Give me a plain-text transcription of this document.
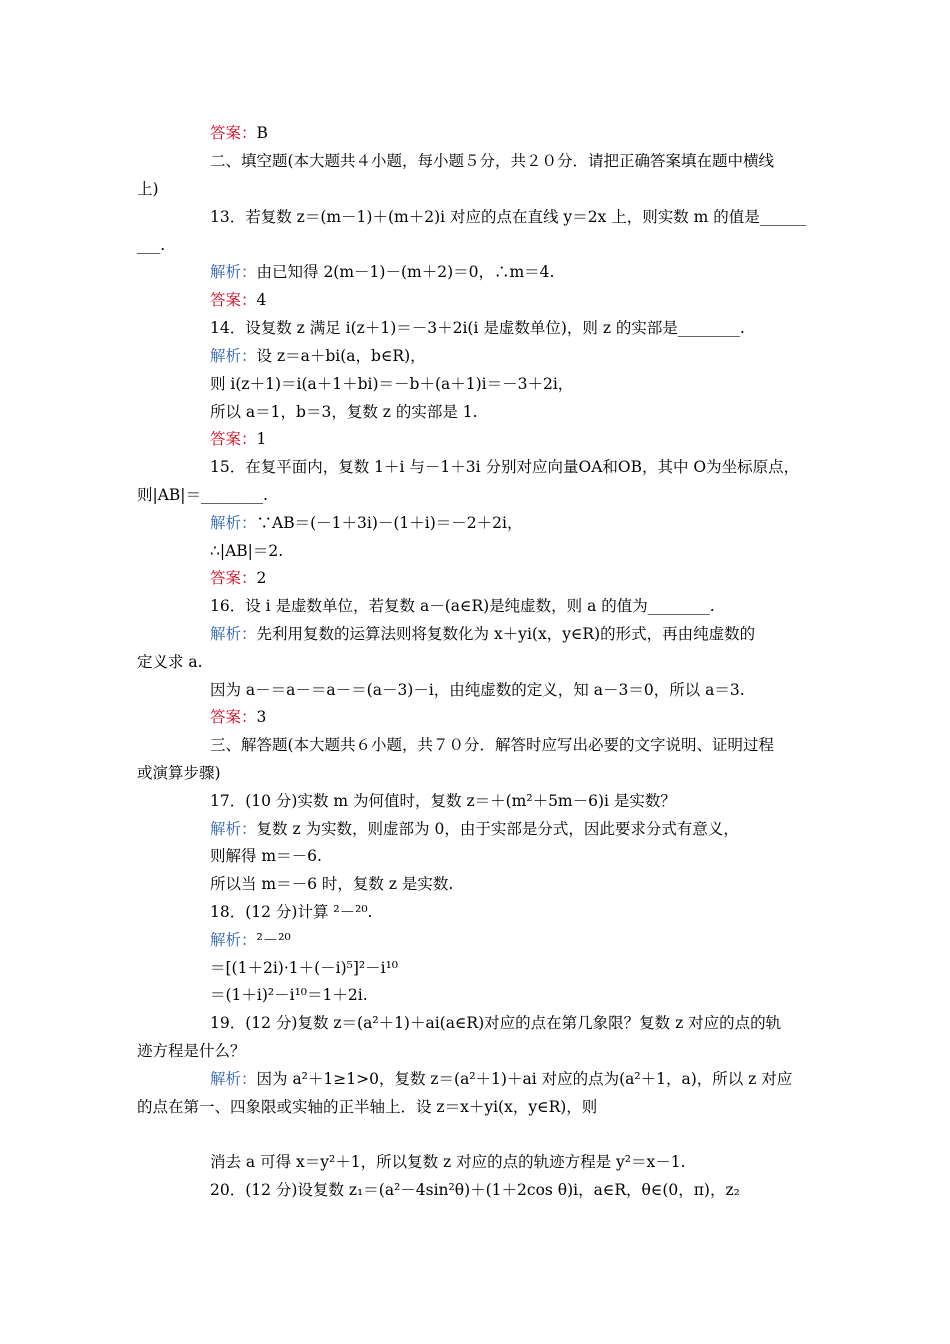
答案：B
二、填空题(本大题共４小题，每小题５分，共２０分．请把正确答案填在题中横线
上)
13．若复数 z＝(m－1)＋(m＋2)i 对应的点在直线 y＝2x 上，则实数 m 的值是______
___.
解析：由已知得 2(m－1)－(m＋2)＝0，∴m＝4.
答案：4
14．设复数 z 满足 i(z＋1)＝－3＋2i(i 是虚数单位)，则 z 的实部是________.
解析：设 z＝a＋bi(a，b∈R)，
则 i(z＋1)＝i(a＋1＋bi)＝－b＋(a＋1)i＝－3＋2i，
所以 a＝1，b＝3，复数 z 的实部是 1.
答案：1
15．在复平面内，复数 1＋i 与－1＋3i 分别对应向量OA和OB，其中 O为坐标原点，
则|AB|＝________.
解析：∵AB＝(－1＋3i)－(1＋i)＝－2＋2i，
∴|AB|＝2.
答案：2
16．设 i 是虚数单位，若复数 a－(a∈R)是纯虚数，则 a 的值为________.
解析：先利用复数的运算法则将复数化为 x＋yi(x，y∈R)的形式，再由纯虚数的
定义求 a.
因为 a－＝a－＝a－＝(a－3)－i，由纯虚数的定义，知 a－3＝0，所以 a＝3.
答案：3
三、解答题(本大题共６小题，共７０分．解答时应写出必要的文字说明、证明过程
或演算步骤)
17．(10 分)实数 m 为何值时，复数 z＝＋(m²＋5m－6)i 是实数？
解析：复数 z 为实数，则虚部为 0，由于实部是分式，因此要求分式有意义，
则解得 m＝－6.
所以当 m＝－6 时，复数 z 是实数.
18．(12 分)计算 ²－²⁰.
解析：²－²⁰
＝[(1＋2i)·1＋(－i)⁵]²－i¹⁰
＝(1＋i)²－i¹⁰＝1＋2i.
19．(12 分)复数 z＝(a²＋1)＋ai(a∈R)对应的点在第几象限？复数 z 对应的点的轨
迹方程是什么？
解析：因为 a²＋1≥1>0，复数 z＝(a²＋1)＋ai 对应的点为(a²＋1，a)，所以 z 对应
的点在第一、四象限或实轴的正半轴上．设 z＝x＋yi(x，y∈R)，则
消去 a 可得 x＝y²＋1，所以复数 z 对应的点的轨迹方程是 y²＝x－1.
20．(12 分)设复数 z₁＝(a²－4sin²θ)＋(1＋2cos θ)i，a∈R，θ∈(0，π)，z₂
